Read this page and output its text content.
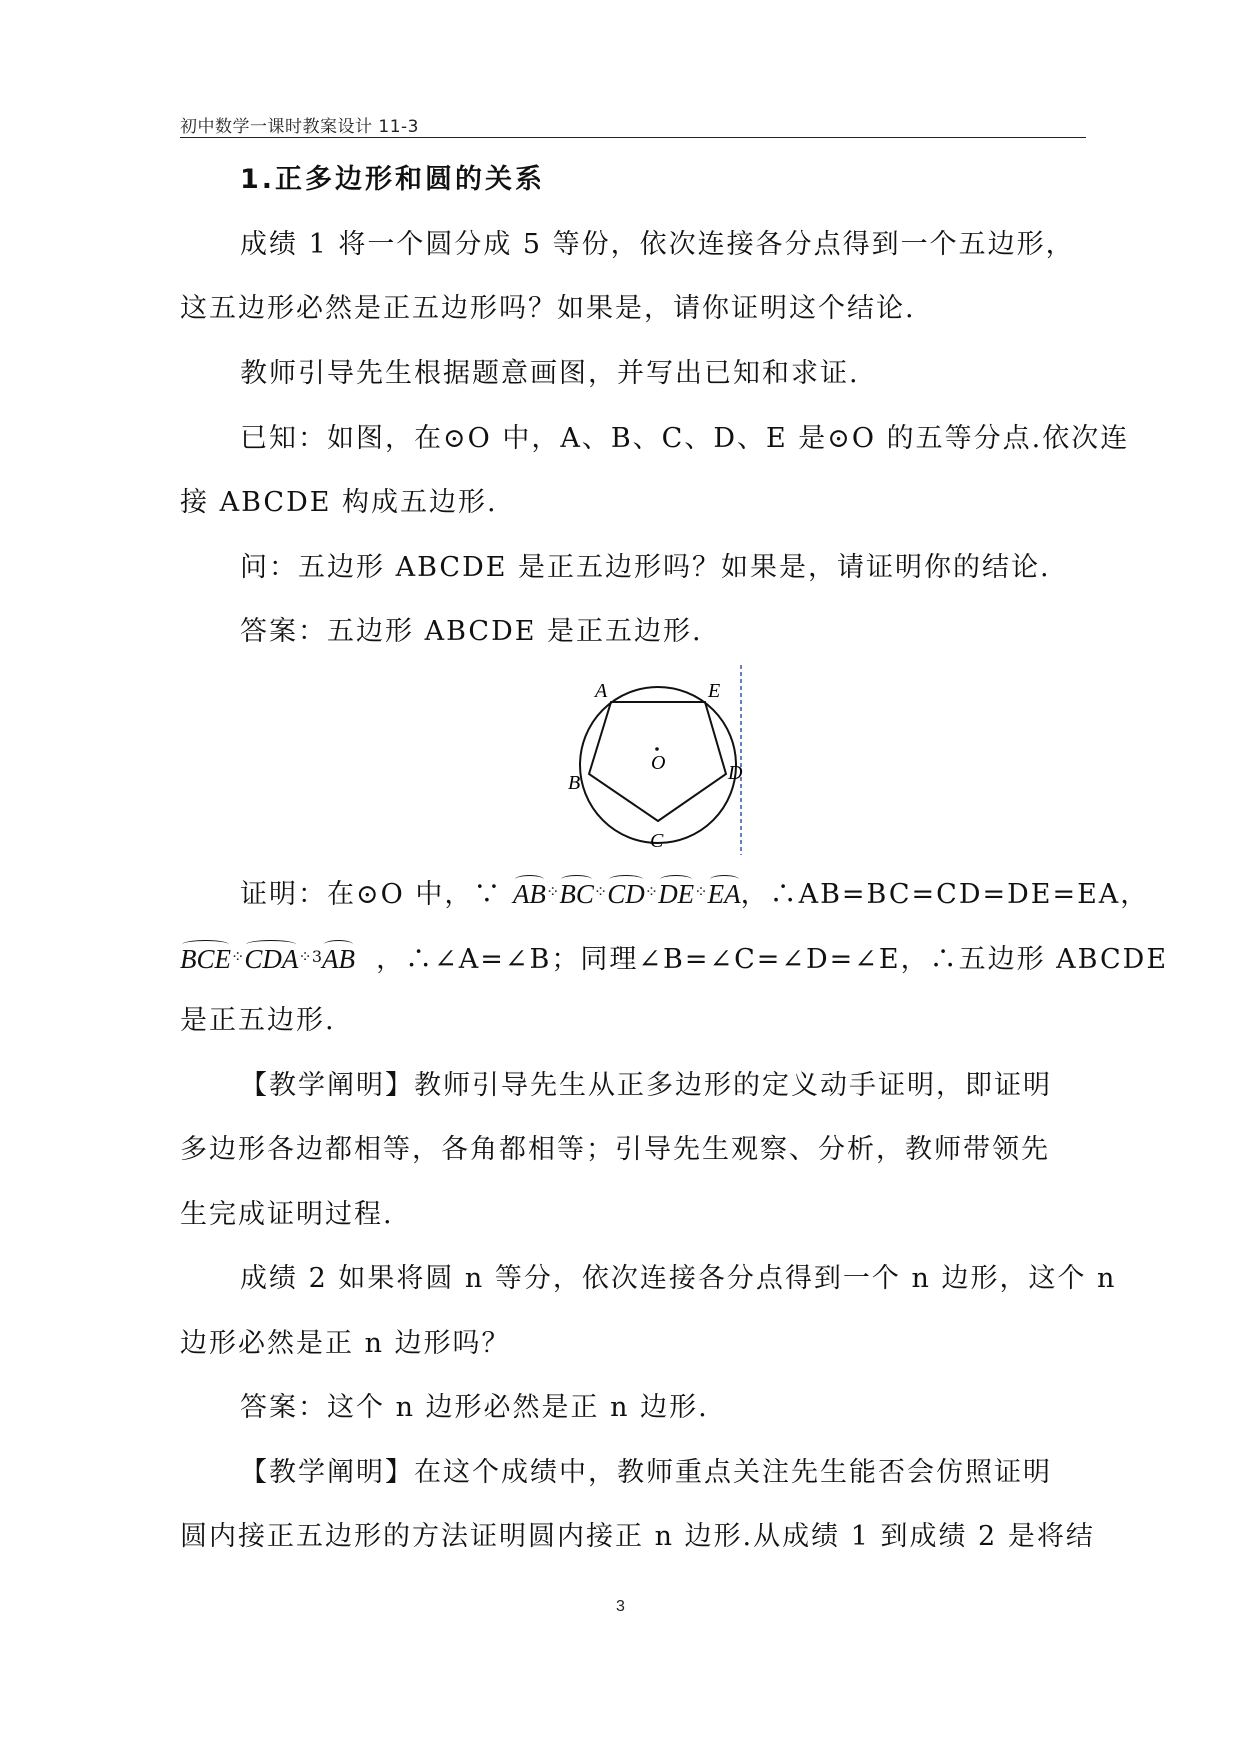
初中数学一课时教案设计 11-3
1.正多边形和圆的关系
成绩 1 将一个圆分成 5 等份，依次连接各分点得到一个五边形，
这五边形必然是正五边形吗？如果是，请你证明这个结论.
教师引导先生根据题意画图，并写出已知和求证.
已知：如图，在⊙O 中，A、B、C、D、E 是⊙O 的五等分点.依次连
接 ABCDE 构成五边形.
问：五边形 ABCDE 是正五边形吗？如果是，请证明你的结论.
答案：五边形 ABCDE 是正五边形.
A	E
B	D
C
O
证明：在⊙O 中，∵ AB⁘BC⁘CD⁘DE⁘EA，∴AB=BC=CD=DE=EA，
$BCE^⁘CDA^{⁘3}AB$ ，∴∠A=∠B；同理∠B=∠C=∠D=∠E，∴五边形 ABCDE
是正五边形.
【教学阐明】教师引导先生从正多边形的定义动手证明，即证明
多边形各边都相等，各角都相等；引导先生观察、分析，教师带领先
生完成证明过程.
成绩 2 如果将圆 n 等分，依次连接各分点得到一个 n 边形，这个 n
边形必然是正 n 边形吗？
答案：这个 n 边形必然是正 n 边形.
【教学阐明】在这个成绩中，教师重点关注先生能否会仿照证明
圆内接正五边形的方法证明圆内接正 n 边形.从成绩 1 到成绩 2 是将结
3
